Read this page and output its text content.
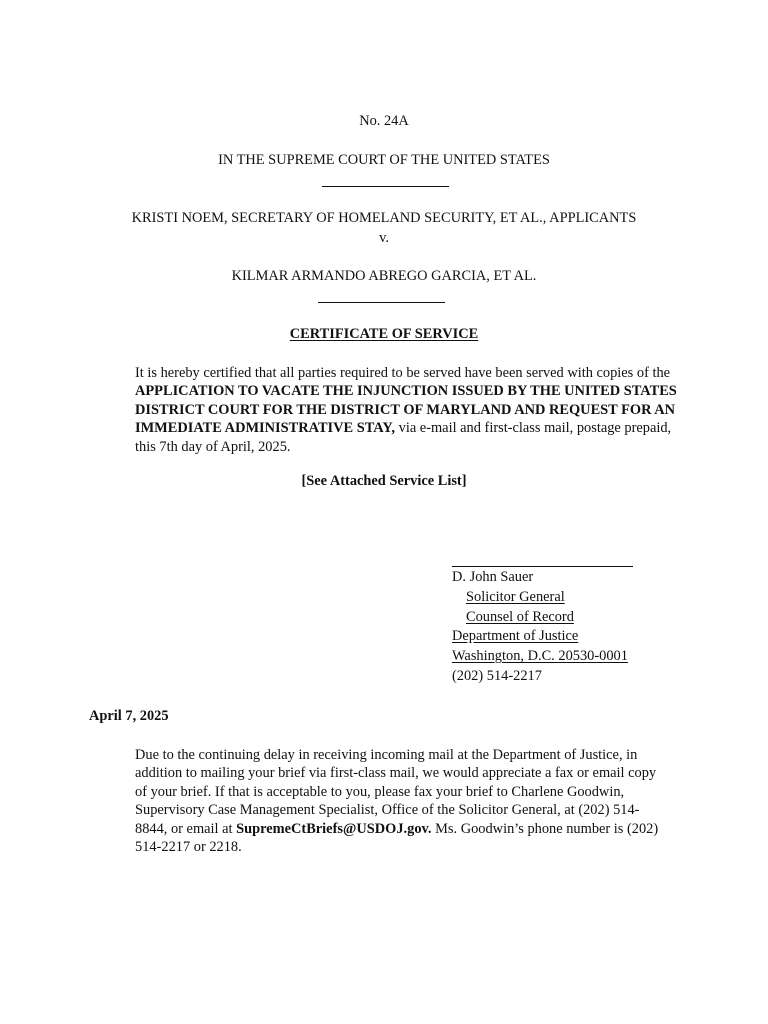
No. 24A
IN THE SUPREME COURT OF THE UNITED STATES
KRISTI NOEM, SECRETARY OF HOMELAND SECURITY, ET AL., APPLICANTS
v.
KILMAR ARMANDO ABREGO GARCIA, ET AL.
CERTIFICATE OF SERVICE
It is hereby certified that all parties required to be served have been served with copies of the APPLICATION TO VACATE THE INJUNCTION ISSUED BY THE UNITED STATES DISTRICT COURT FOR THE DISTRICT OF MARYLAND AND REQUEST FOR AN IMMEDIATE ADMINISTRATIVE STAY, via e-mail and first-class mail, postage prepaid, this 7th day of April, 2025.
[See Attached Service List]
D. John Sauer
Solicitor General
Counsel of Record
Department of Justice
Washington, D.C. 20530-0001
(202) 514-2217
April 7, 2025
Due to the continuing delay in receiving incoming mail at the Department of Justice, in addition to mailing your brief via first-class mail, we would appreciate a fax or email copy of your brief. If that is acceptable to you, please fax your brief to Charlene Goodwin, Supervisory Case Management Specialist, Office of the Solicitor General, at (202) 514-8844, or email at SupremeCtBriefs@USDOJ.gov. Ms. Goodwin’s phone number is (202) 514-2217 or 2218.
